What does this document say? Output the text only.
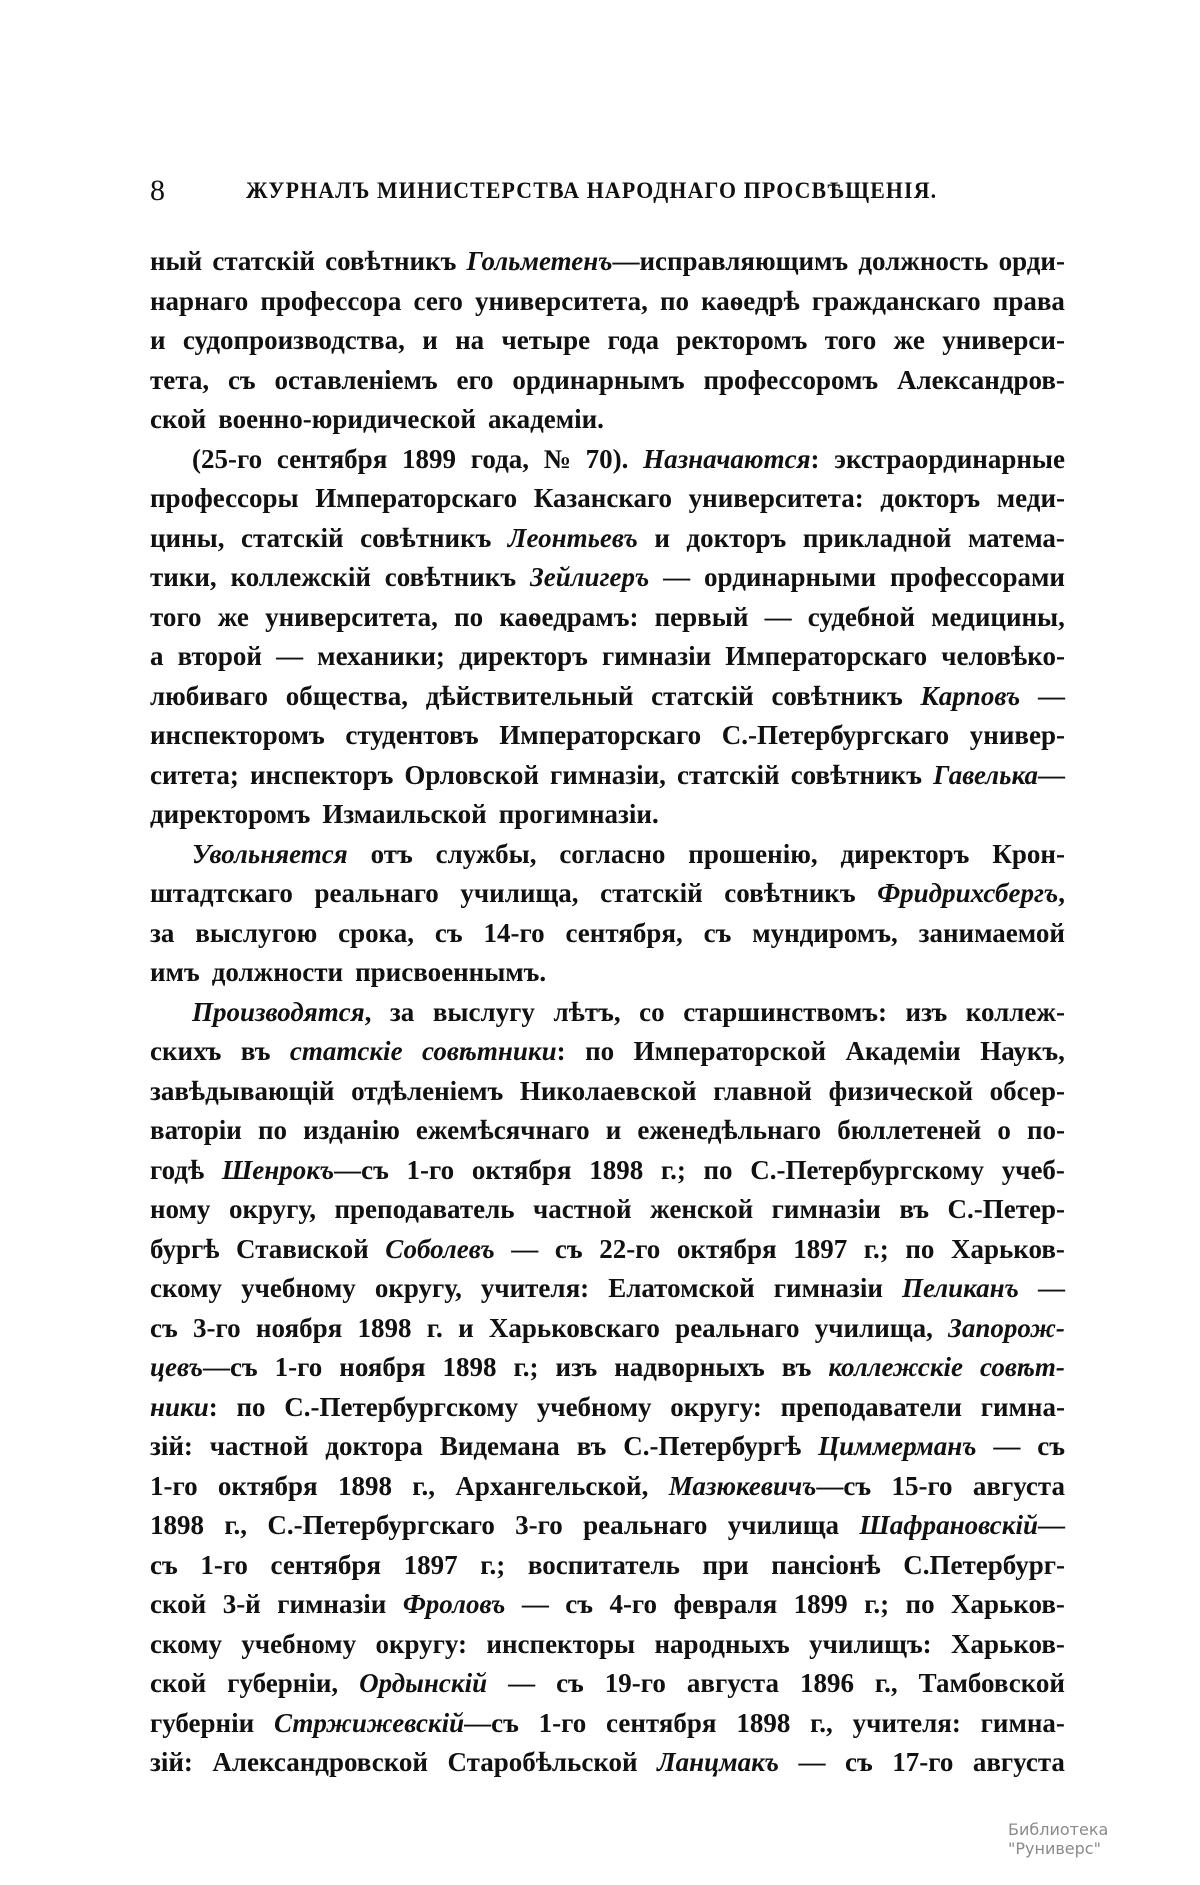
8	ЖУРНАЛЪ МИНИСТЕРСТВА НАРОДНАГО ПРОСВѢЩЕНІЯ.
ный статскій совѣтникъ Гольметенъ—исправляющимъ должность орди-
нарнаго профессора сего университета, по каѳедрѣ гражданскаго права
и судопроизводства, и на четыре года ректоромъ того же универси-
тета, съ оставленіемъ его ординарнымъ профессоромъ Александров-
ской военно-юридической академіи.
(25-го сентября 1899 года, № 70). Назначаются: экстраординарные
профессоры Императорскаго Казанскаго университета: докторъ меди-
цины, статскій совѣтникъ Леонтьевъ и докторъ прикладной матема-
тики, коллежскій совѣтникъ Зейлигеръ — ординарными профессорами
того же университета, по каѳедрамъ: первый — судебной медицины,
а второй — механики; директоръ гимназіи Императорскаго человѣко-
любиваго общества, дѣйствительный статскій совѣтникъ Карповъ —
инспекторомъ студентовъ Императорскаго С.-Петербургскаго универ-
ситета; инспекторъ Орловской гимназіи, статскій совѣтникъ Гавелька—
директоромъ Измаильской прогимназіи.
Увольняется отъ службы, согласно прошенію, директоръ Крон-
штадтскаго реальнаго училища, статскій совѣтникъ Фридрихсбергъ,
за выслугою срока, съ 14-го сентября, съ мундиромъ, занимаемой
имъ должности присвоеннымъ.
Производятся, за выслугу лѣтъ, со старшинствомъ: изъ коллеж-
скихъ въ статскіе совѣтники: по Императорской Академіи Наукъ,
завѣдывающій отдѣленіемъ Николаевской главной физической обсер-
ваторіи по изданію ежемѣсячнаго и еженедѣльнаго бюллетеней о по-
годѣ Шенрокъ—съ 1-го октября 1898 г.; по С.-Петербургскому учеб-
ному округу, преподаватель частной женской гимназіи въ С.-Петер-
бургѣ Ставиской Соболевъ — съ 22-го октября 1897 г.; по Харьков-
скому учебному округу, учителя: Елатомской гимназіи Пеликанъ —
съ 3-го ноября 1898 г. и Харьковскаго реальнаго училища, Запорож-
цевъ—съ 1-го ноября 1898 г.; изъ надворныхъ въ коллежскіе совѣт-
ники: по С.-Петербургскому учебному округу: преподаватели гимна-
зій: частной доктора Видемана въ С.-Петербургѣ Циммерманъ — съ
1-го октября 1898 г., Архангельской, Мазюкевичъ—съ 15-го августа
1898 г., С.-Петербургскаго 3-го реальнаго училища Шафрановскій—
съ 1-го сентября 1897 г.; воспитатель при пансіонѣ С.Петербург-
ской 3-й гимназіи Фроловъ — съ 4-го февраля 1899 г.; по Харьков-
скому учебному округу: инспекторы народныхъ училищъ: Харьков-
ской губерніи, Ордынскій — съ 19-го августа 1896 г., Тамбовской
губерніи Стржижевскій—съ 1-го сентября 1898 г., учителя: гимна-
зій: Александровской Старобѣльской Ланцмакъ — съ 17-го августа
Библиотека "Руниверс"
